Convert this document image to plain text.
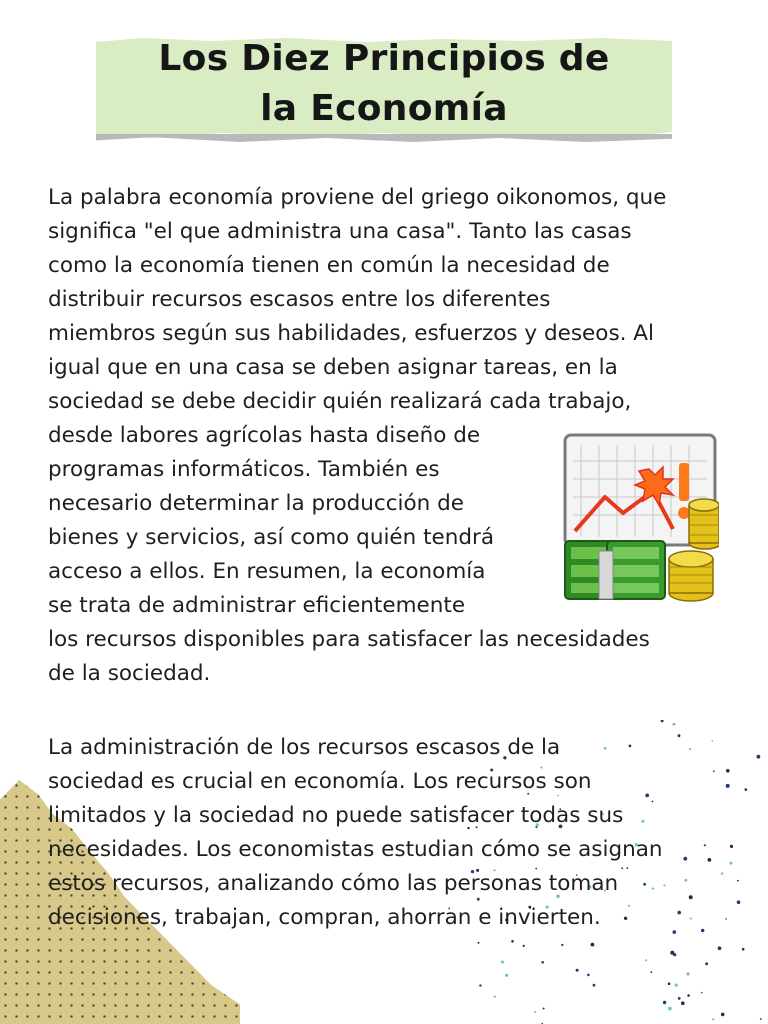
Los Diez Principios de
la Economía
La palabra economía proviene del griego oikonomos, que
significa "el que administra una casa". Tanto las casas
como la economía tienen en común la necesidad de
distribuir recursos escasos entre los diferentes
miembros según sus habilidades, esfuerzos y deseos. Al
igual que en una casa se deben asignar tareas, en la
sociedad se debe decidir quién realizará cada trabajo,
desde labores agrícolas hasta diseño de
programas informáticos. También es
necesario determinar la producción de
bienes y servicios, así como quién tendrá
acceso a ellos. En resumen, la economía
se trata de administrar eficientemente
los recursos disponibles para satisfacer las necesidades
de la sociedad.
La administración de los recursos escasos de la
sociedad es crucial en economía. Los recursos son
limitados y la sociedad no puede satisfacer todas sus
necesidades. Los economistas estudian cómo se asignan
estos recursos, analizando cómo las personas toman
decisiones, trabajan, compran, ahorran e invierten.
